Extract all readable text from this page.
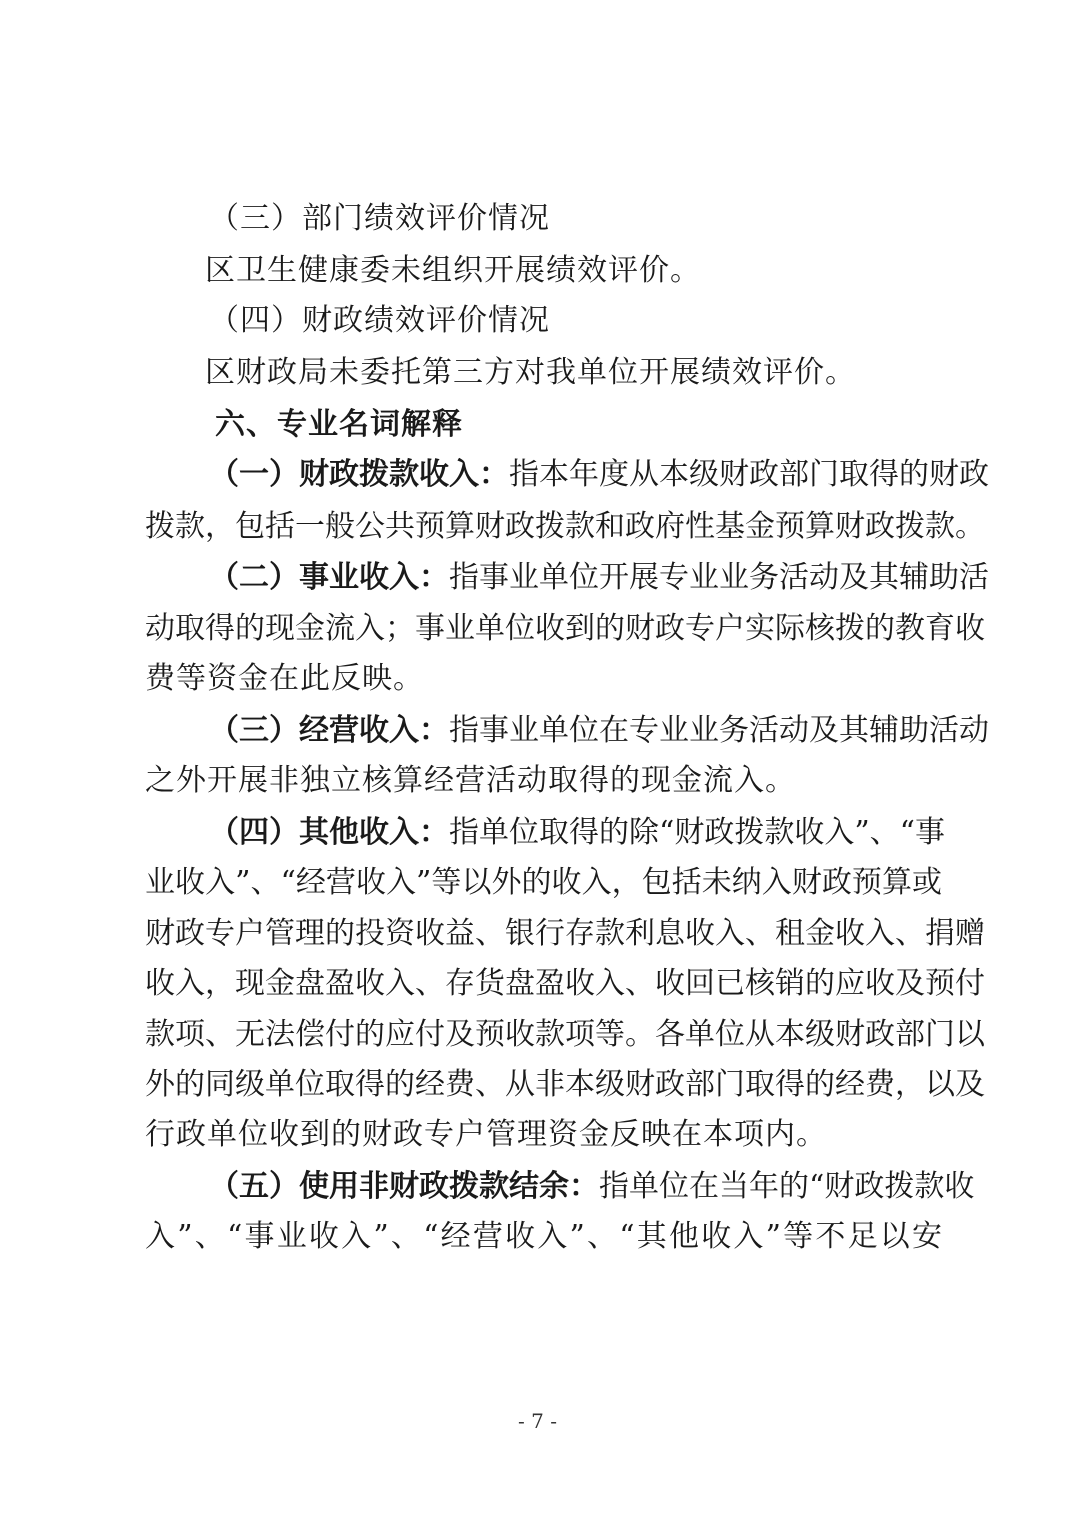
（三）部门绩效评价情况
区卫生健康委未组织开展绩效评价。
（四）财政绩效评价情况
区财政局未委托第三方对我单位开展绩效评价。
六、专业名词解释
（一）财政拨款收入：指本年度从本级财政部门取得的财政
拨款，包括一般公共预算财政拨款和政府性基金预算财政拨款。
（二）事业收入：指事业单位开展专业业务活动及其辅助活
动取得的现金流入；事业单位收到的财政专户实际核拨的教育收
费等资金在此反映。
（三）经营收入：指事业单位在专业业务活动及其辅助活动
之外开展非独立核算经营活动取得的现金流入。
（四）其他收入：指单位取得的除“财政拨款收入”、“事
业收入”、“经营收入”等以外的收入，包括未纳入财政预算或
财政专户管理的投资收益、银行存款利息收入、租金收入、捐赠
收入，现金盘盈收入、存货盘盈收入、收回已核销的应收及预付
款项、无法偿付的应付及预收款项等。各单位从本级财政部门以
外的同级单位取得的经费、从非本级财政部门取得的经费，以及
行政单位收到的财政专户管理资金反映在本项内。
（五）使用非财政拨款结余：指单位在当年的“财政拨款收
入”、“事业收入”、“经营收入”、“其他收入”等不足以安
- 7 -
